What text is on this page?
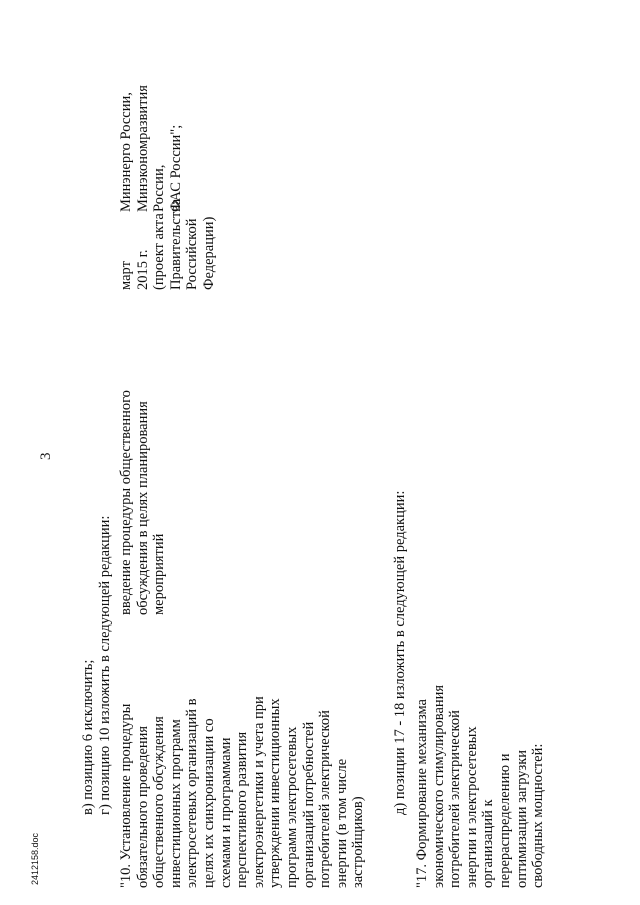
2412158.doc
3
в) позицию 6 исключить; г) позицию 10 изложить в следующей редакции: "10. Установление процедуры обязательного проведения общественного обсуждения инвестиционных программ электросетевых организаций в целях их синхронизации со схемами и программами перспективного развития электроэнергетики и учета при утверждении инвестиционных программ электросетевых организаций потребностей потребителей электрической энергии (в том числе застройщиков)
введение процедуры общественного обсуждения в целях планирования мероприятий
март 2015 г. (проект акта Правительства Российской Федерации)
Минэнерго России, Минэкономразвития России, ФАС России";
д) позиции 17 - 18 изложить в следующей редакции: "17. Формирование механизма экономического стимулирования потребителей электрической энергии и электросетевых организаций к перераспределению и оптимизации загрузки свободных мощностей:
